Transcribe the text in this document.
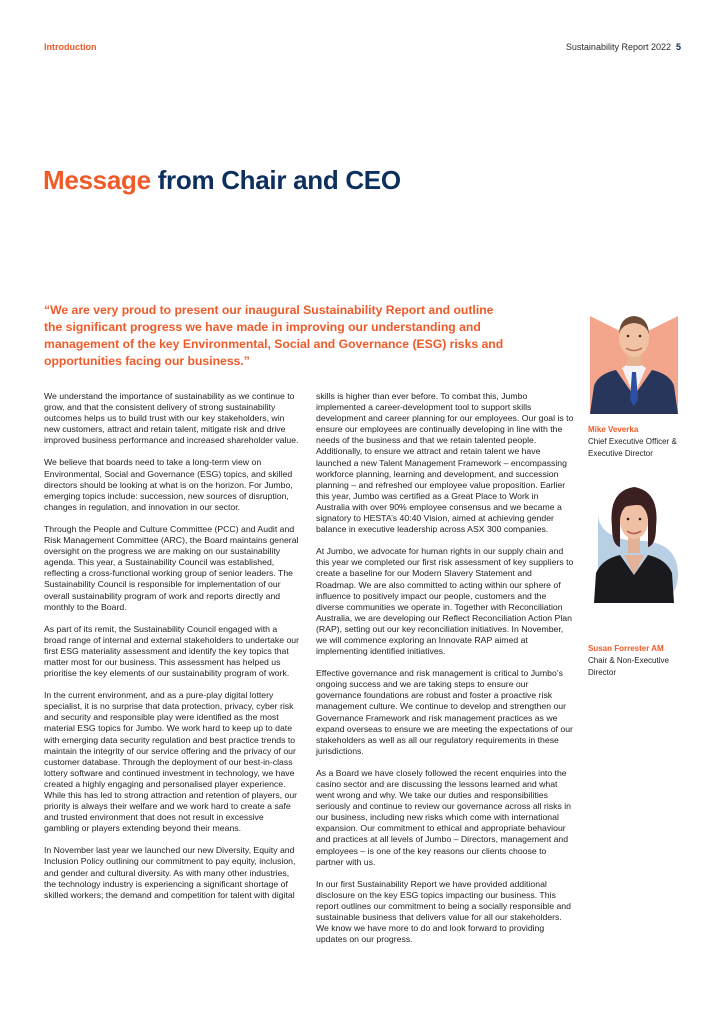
Introduction	Sustainability Report 2022 5
Message from Chair and CEO

“We are very proud to present our inaugural Sustainability Report and outline the significant progress we have made in improving our understanding and management of the key Environmental, Social and Governance (ESG) risks and opportunities facing our business.”

We understand the importance of sustainability as we continue to grow, and that the consistent delivery of strong sustainability outcomes helps us to build trust with our key stakeholders, win new customers, attract and retain talent, mitigate risk and drive improved business performance and increased shareholder value.

We believe that boards need to take a long-term view on Environmental, Social and Governance (ESG) topics, and skilled directors should be looking at what is on the horizon. For Jumbo, emerging topics include: succession, new sources of disruption, changes in regulation, and innovation in our sector.

Through the People and Culture Committee (PCC) and Audit and Risk Management Committee (ARC), the Board maintains general oversight on the progress we are making on our sustainability agenda. This year, a Sustainability Council was established, reflecting a cross-functional working group of senior leaders. The Sustainability Council is responsible for implementation of our overall sustainability program of work and reports directly and monthly to the Board.

As part of its remit, the Sustainability Council engaged with a broad range of internal and external stakeholders to undertake our first ESG materiality assessment and identify the key topics that matter most for our business. This assessment has helped us prioritise the key elements of our sustainability program of work.

In the current environment, and as a pure-play digital lottery specialist, it is no surprise that data protection, privacy, cyber risk and security and responsible play were identified as the most material ESG topics for Jumbo. We work hard to keep up to date with emerging data security regulation and best practice trends to maintain the integrity of our service offering and the privacy of our customer database. Through the deployment of our best-in-class lottery software and continued investment in technology, we have created a highly engaging and personalised player experience. While this has led to strong attraction and retention of players, our priority is always their welfare and we work hard to create a safe and trusted environment that does not result in excessive gambling or players extending beyond their means.

In November last year we launched our new Diversity, Equity and Inclusion Policy outlining our commitment to pay equity, inclusion, and gender and cultural diversity. As with many other industries, the technology industry is experiencing a significant shortage of skilled workers; the demand and competition for talent with digital

skills is higher than ever before. To combat this, Jumbo implemented a career-development tool to support skills development and career planning for our employees. Our goal is to ensure our employees are continually developing in line with the needs of the business and that we retain talented people. Additionally, to ensure we attract and retain talent we have launched a new Talent Management Framework – encompassing workforce planning, learning and development, and succession planning – and refreshed our employee value proposition. Earlier this year, Jumbo was certified as a Great Place to Work in Australia with over 90% employee consensus and we became a signatory to HESTA’s 40:40 Vision, aimed at achieving gender balance in executive leadership across ASX 300 companies.

At Jumbo, we advocate for human rights in our supply chain and this year we completed our first risk assessment of key suppliers to create a baseline for our Modern Slavery Statement and Roadmap. We are also committed to acting within our sphere of influence to positively impact our people, customers and the diverse communities we operate in. Together with Reconciliation Australia, we are developing our Reflect Reconciliation Action Plan (RAP), setting out our key reconciliation initiatives. In November, we will commence exploring an Innovate RAP aimed at implementing identified initiatives.

Effective governance and risk management is critical to Jumbo’s ongoing success and we are taking steps to ensure our governance foundations are robust and foster a proactive risk management culture. We continue to develop and strengthen our Governance Framework and risk management practices as we expand overseas to ensure we are meeting the expectations of our stakeholders as well as all our regulatory requirements in these jurisdictions.

As a Board we have closely followed the recent enquiries into the casino sector and are discussing the lessons learned and what went wrong and why. We take our duties and responsibilities seriously and continue to review our governance across all risks in our business, including new risks which come with international expansion. Our commitment to ethical and appropriate behaviour and practices at all levels of Jumbo – Directors, management and employees – is one of the key reasons our clients choose to partner with us.

In our first Sustainability Report we have provided additional disclosure on the key ESG topics impacting our business. This report outlines our commitment to being a socially responsible and sustainable business that delivers value for all our stakeholders. We know we have more to do and look forward to providing updates on our progress.

Mike Veverka
Chief Executive Officer & Executive Director
Susan Forrester AM
Chair & Non-Executive Director
